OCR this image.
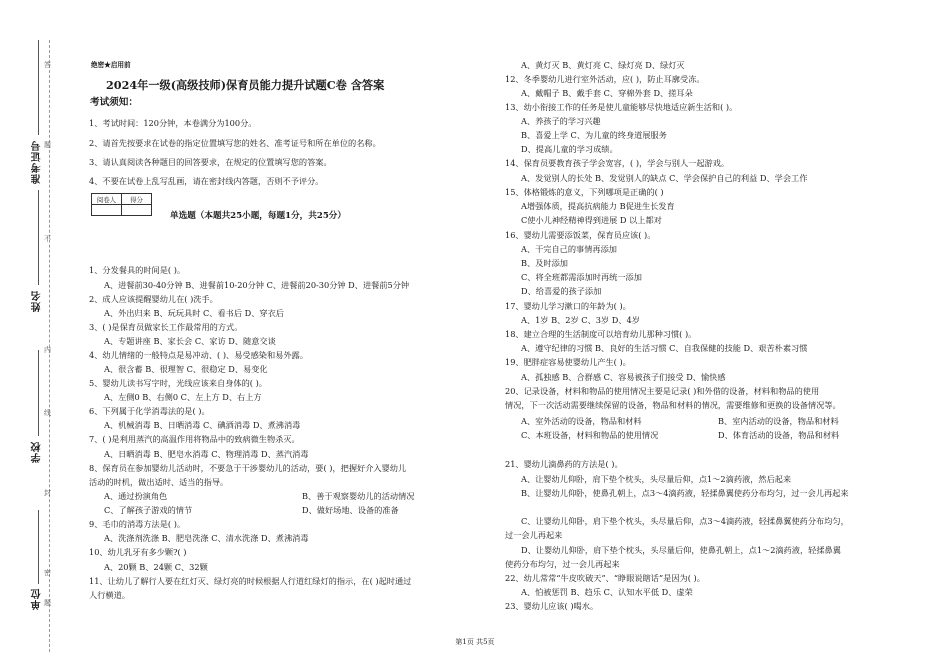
准考证号
姓名
学校
单位
答
题
不
内
线
封
密
题
绝密★启用前
2024年一级(高级技师)保育员能力提升试题C卷 含答案
考试须知：
1、考试时间：120分钟，本卷满分为100分。
2、请首先按要求在试卷的指定位置填写您的姓名、准考证号和所在单位的名称。
3、请认真阅读各种题目的回答要求，在规定的位置填写您的答案。
4、不要在试卷上乱写乱画，请在密封线内答题，否则不予评分。
阅卷人	得分

单选题（本题共25小题，每题1分，共25分）
1、分发餐具的时间是( )。
A、进餐前30-40分钟 B、进餐前10-20分钟 C、进餐前20-30分钟 D、进餐前5分钟
2、成人应该提醒婴幼儿在( )洗手。
A、外出归来 B、玩玩具时 C、看书后 D、穿衣后
3、( )是保育员做家长工作最常用的方式。
A、专题讲座 B、家长会 C、家访 D、随意交谈
4、幼儿情绪的一般特点是易冲动、( )、易受感染和易外露。
A、很含蓄 B、很理智 C、很稳定 D、易变化
5、婴幼儿读书写字时，光线应该来自身体的( )。
A、左侧0 B、右侧0 C、左上方 D、右上方
6、下列属于化学消毒法的是( )。
A、机械消毒 B、日晒消毒 C、碘酒消毒 D、煮沸消毒
7、( )是利用蒸汽的高温作用将物品中的致病微生物杀灭。
A、日晒消毒 B、肥皂水消毒 C、物理消毒 D、蒸汽消毒
8、保育员在参加婴幼儿活动时，不要急于干涉婴幼儿的活动，要( )，把握好介入婴幼儿
活动的时机，做出适时、适当的指导。
A、通过扮演角色	B、善于观察婴幼儿的活动情况
C、了解孩子游戏的情节	D、做好场地、设备的准备
9、毛巾的消毒方法是( )。
A、洗涤剂洗涤 B、肥皂洗涤 C、清水洗涤 D、煮沸消毒
10、幼儿乳牙有多少颗?( )
A、20颗 B、24颗 C、32颗
11、让幼儿了解行人要在红灯灭、绿灯亮的时候根据人行道红绿灯的指示，在( )起时通过
人行横道。
A、黄灯灭 B、黄灯亮 C、绿灯亮 D、绿灯灭
12、冬季婴幼儿进行室外活动，应( )，防止耳廓受冻。
A、戴帽子 B、戴手套 C、穿棉外套 D、搓耳朵
13、幼小衔接工作的任务是使儿童能够尽快地适应新生活和( )。
A、养孩子的学习兴趣
B、喜爱上学 C、为儿童的终身道展服务
D、提高儿童的学习成绩。
14、保育员要教育孩子学会宽容，( )，学会与别人一起游戏。
A、发觉别人的长处 B、发觉别人的缺点 C、学会保护自己的利益 D、学会工作
15、体格锻炼的意义，下列哪项是正确的( )
A增强体质，提高抗病能力 B促进生长发育
C使小儿神经精神得到进展 D 以上都对
16、婴幼儿需要添饭菜，保育员应该( )。
A、干完自己的事情再添加
B、及时添加
C、将全班都需添加时再统一添加
D、给喜爱的孩子添加
17、婴幼儿学习漱口的年龄为( )。
A、1岁 B、2岁 C、3岁 D、4岁
18、建立合理的生活制度可以培育幼儿那种习惯( )。
A、遵守纪律的习惯 B、良好的生活习惯 C、自我保健的技能 D、艰苦朴素习惯
19、肥胖症容易使婴幼儿产生( )。
A、孤独感 B、合群感 C、容易被孩子们接受 D、愉快感
20、记录设备，材料和物品的使用情况主要是记录( )和外借的设备，材料和物品的使用
情况，下一次活动需要继续保留的设备，物品和材料的情况，需要维修和更换的设备情况等。
A、室外活动的设备，物品和材料	B、室内活动的设备，物品和材料
C、本班设备，材料和物品的使用情况	D、体育活动的设备，物品和材料
21、婴幼儿滴鼻药的方法是( )。
A、让婴幼儿仰卧，肩下垫个枕头，头尽量后仰，点1～2滴药液，然后起来
B、让婴幼儿仰卧，使鼻孔朝上，点3～4滴药液，轻揉鼻翼使药分布均匀，过一会儿再起来
C、让婴幼儿仰卧，肩下垫个枕头，头尽量后仰，点3～4滴药液，轻揉鼻翼使药分布均匀，
过一会儿再起来
D、让婴幼儿仰卧，肩下垫个枕头，头尽量后仰，使鼻孔朝上，点1～2滴药液，轻揉鼻翼
使药分布均匀，过一会儿再起来
22、幼儿常常“牛皮吹破天”、“睁眼说瞎话”是因为( )。
A、怕被惩罚 B、趋乐 C、认知水平低 D、虚荣
23、婴幼儿应该( )喝水。
第1页 共5页
